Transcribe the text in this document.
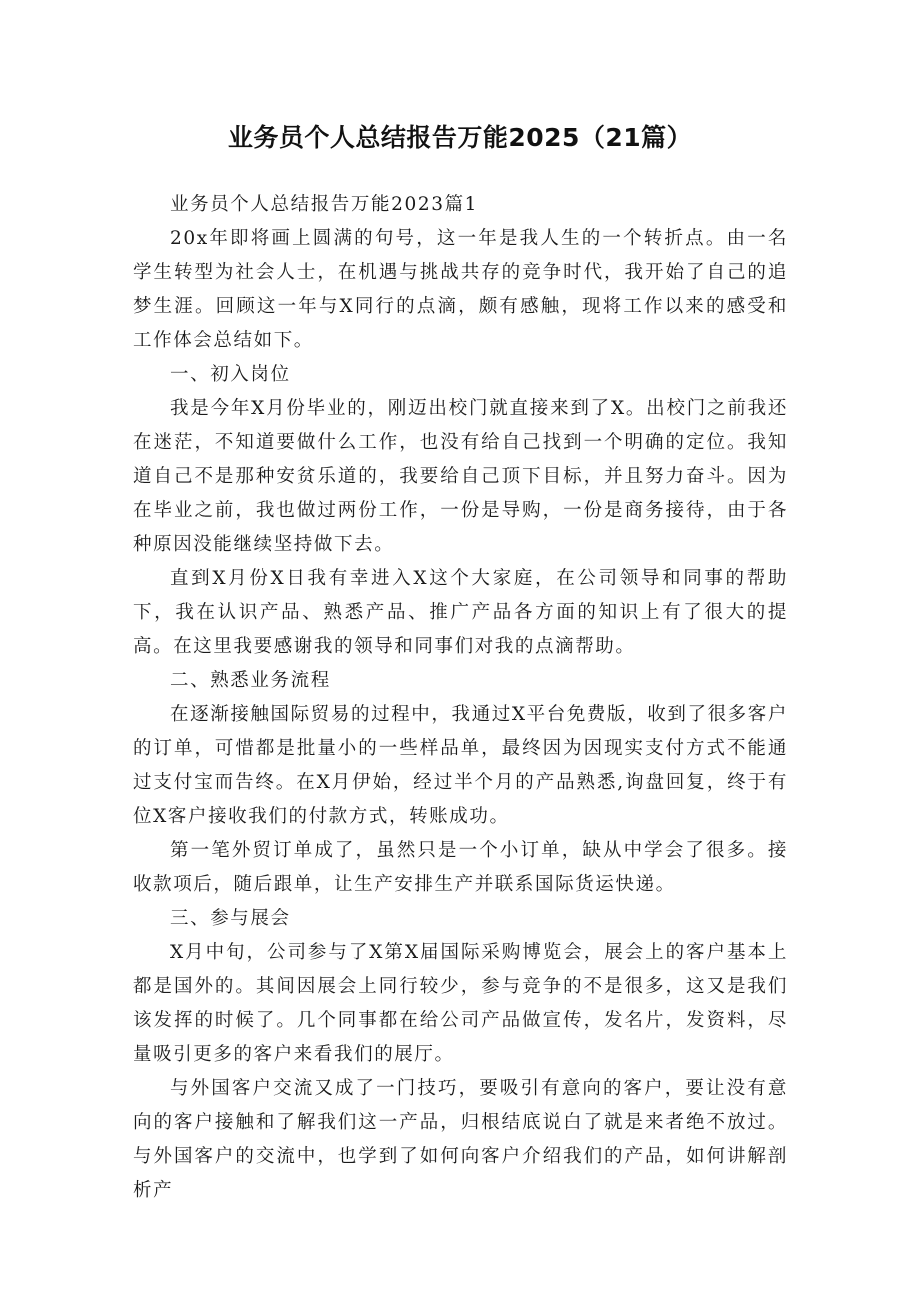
业务员个人总结报告万能2025（21篇）

业务员个人总结报告万能2023篇1

20x年即将画上圆满的句号，这一年是我人生的一个转折点。由一名学生转型为社会人士，在机遇与挑战共存的竞争时代，我开始了自己的追梦生涯。回顾这一年与X同行的点滴，颇有感触，现将工作以来的感受和工作体会总结如下。

一、初入岗位

我是今年X月份毕业的，刚迈出校门就直接来到了X。出校门之前我还在迷茫，不知道要做什么工作，也没有给自己找到一个明确的定位。我知道自己不是那种安贫乐道的，我要给自己顶下目标，并且努力奋斗。因为在毕业之前，我也做过两份工作，一份是导购，一份是商务接待，由于各种原因没能继续坚持做下去。

直到X月份X日我有幸进入X这个大家庭，在公司领导和同事的帮助下，我在认识产品、熟悉产品、推广产品各方面的知识上有了很大的提高。在这里我要感谢我的领导和同事们对我的点滴帮助。

二、熟悉业务流程

在逐渐接触国际贸易的过程中，我通过X平台免费版，收到了很多客户的订单，可惜都是批量小的一些样品单，最终因为因现实支付方式不能通过支付宝而告终。在X月伊始，经过半个月的产品熟悉,询盘回复，终于有位X客户接收我们的付款方式，转账成功。

第一笔外贸订单成了，虽然只是一个小订单，缺从中学会了很多。接收款项后，随后跟单，让生产安排生产并联系国际货运快递。

三、参与展会

X月中旬，公司参与了X第X届国际采购博览会，展会上的客户基本上都是国外的。其间因展会上同行较少，参与竞争的不是很多，这又是我们该发挥的时候了。几个同事都在给公司产品做宣传，发名片，发资料，尽量吸引更多的客户来看我们的展厅。

与外国客户交流又成了一门技巧，要吸引有意向的客户，要让没有意向的客户接触和了解我们这一产品，归根结底说白了就是来者绝不放过。与外国客户的交流中，也学到了如何向客户介绍我们的产品，如何讲解剖析产
